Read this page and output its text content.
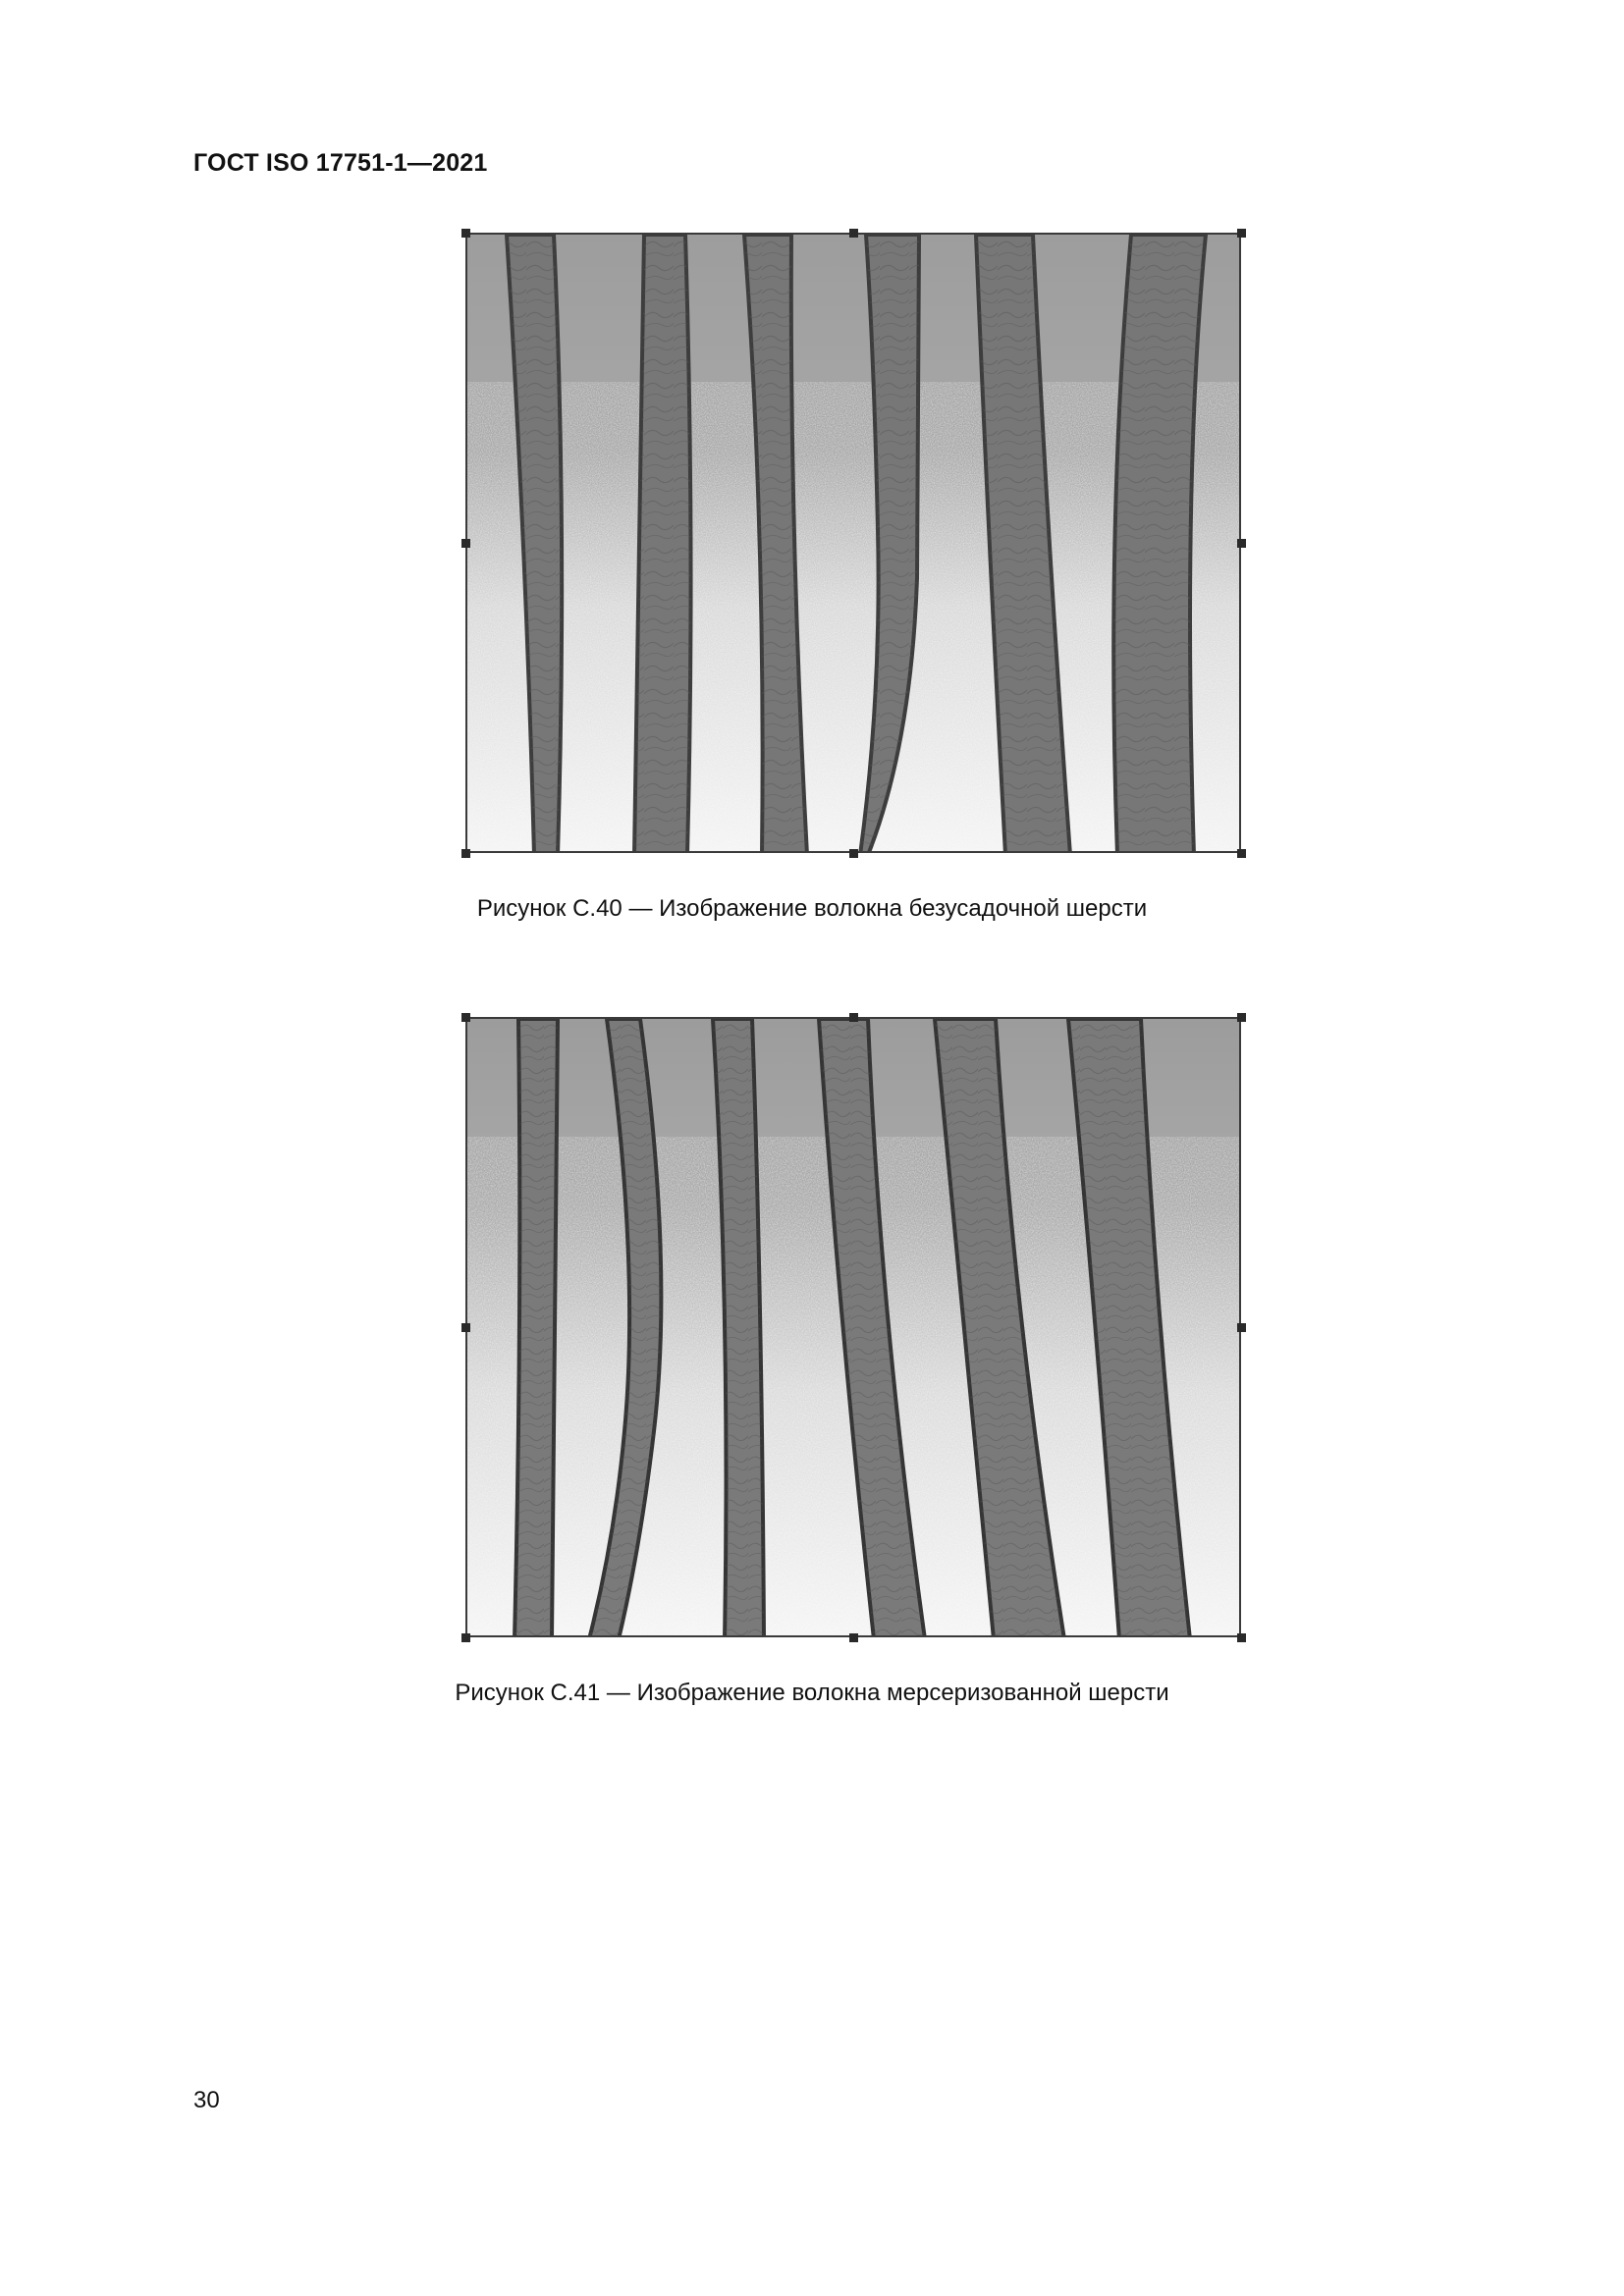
ГОСТ ISO 17751-1—2021
Рисунок С.40 — Изображение волокна безусадочной шерсти
Рисунок С.41 — Изображение волокна мерсеризованной шерсти
30
